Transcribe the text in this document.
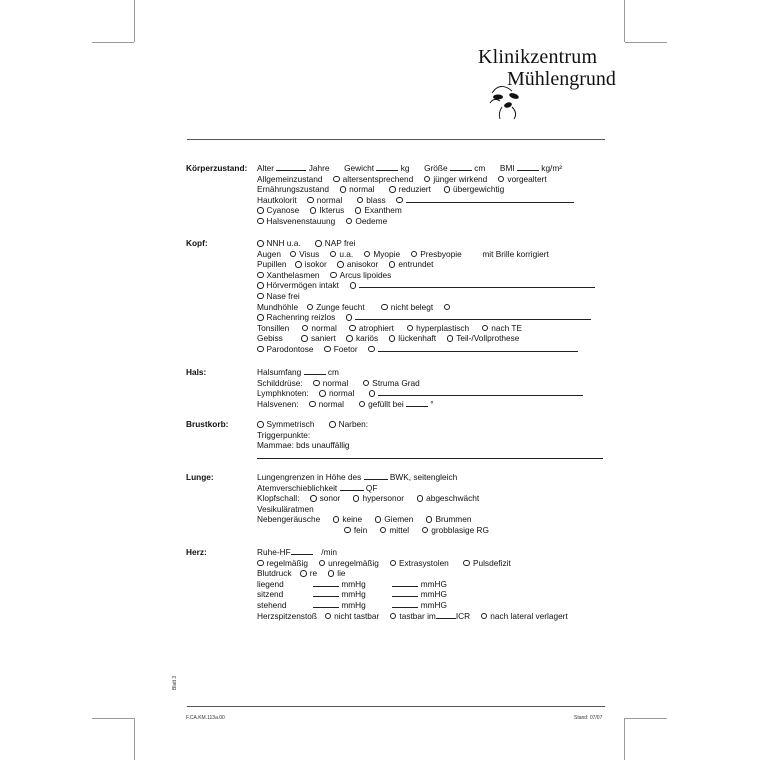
Klinikzentrum
Mühlengrund
Körperzustand: Alter	Jahre Gewicht	kg Größe	cm BMI	kg/m²
Allgemeinzustand altersentsprechend jünger wirkend vorgealtert
Ernährungszustand normal	reduziert	übergewichtig
Hautkolorit normal	blass
Cyanose Ikterus Exanthem
Halsvenenstauung Oedeme
Kopf:	NNH u.a.	NAP frei
Augen Visus u.a. Myopie Presbyopie mit Brille korrigiert
Pupillen isokor anisokor entrundet
Xanthelasmen Arcus lipoides
Hörvermögen intakt
Nase frei
Mundhöhle Zunge feucht	nicht belegt
Rachenring reizlos
Tonsillen	normal	atrophiert	hyperplastisch	nach TE
Gebiss	saniert kariös lückenhaft Teil-/Vollprothese
Parodontose Foetor
Hals:	Halsumfang	cm
Schilddrüse: normal	Struma Grad
Lymphknoten: normal
Halsvenen: normal	gefüllt bei	°
Brustkorb:	Symmetrisch	Narben:
Triggerpunkte:
Mammae: bds unauffällig
Lunge:	Lungengrenzen in Höhe des	BWK, seitengleich
Atemverschieblichkeit	QF
Klopfschall: sonor	hypersonor	abgeschwächt
Vesikuläratmen
Nebengeräusche	keine	Giemen	Brummen
fein	mittel	grobblasige RG
Herz:	Ruhe-HF	/min
regelmäßig unregelmäßig Extrasystolen	Pulsdefizit
Blutdruck re lie
liegend	mmHg	mmHG
sitzend	mmHg	mmHG
stehend	mmHg	mmHG
Herzspitzenstoß nicht tastbar tastbar im ICR nach lateral verlagert
Blatt 3
F.CA.KM.113a.00	Stand: 07/07
